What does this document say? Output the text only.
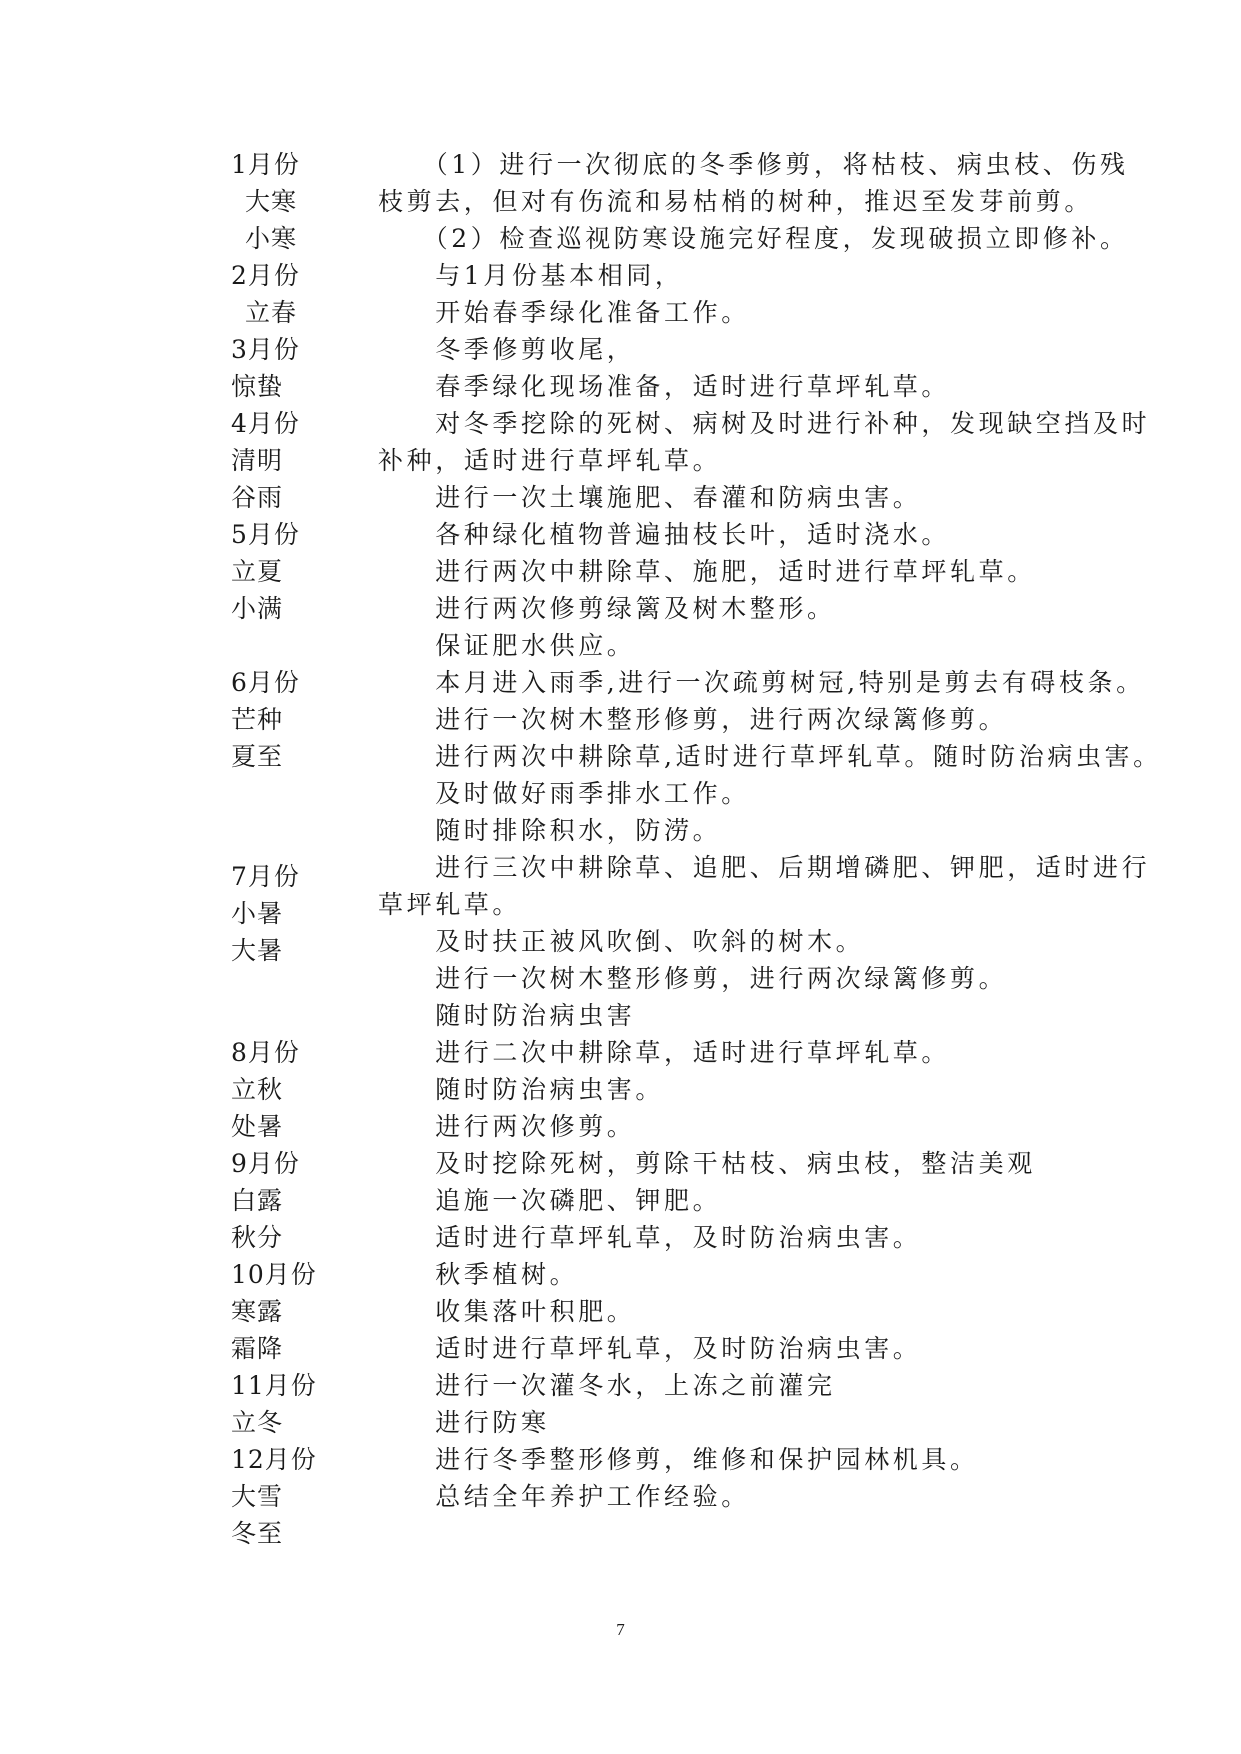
1月份
大寒
小寒
2月份
立春
3月份
惊蛰
4月份
清明
谷雨
5月份
立夏
小满
6月份
芒种
夏至
7月份
小暑
大暑
8月份
立秋
处暑
9月份
白露
秋分
10月份
寒露
霜降
11月份
立冬
12月份
大雪
冬至
　　（1）进行一次彻底的冬季修剪，将枯枝、病虫枝、伤残
枝剪去，但对有伤流和易枯梢的树种，推迟至发芽前剪。
　　（2）检查巡视防寒设施完好程度，发现破损立即修补。
　　与1月份基本相同，
　　开始春季绿化准备工作。
　　冬季修剪收尾，
　　春季绿化现场准备，适时进行草坪轧草。
　　对冬季挖除的死树、病树及时进行补种，发现缺空挡及时
补种，适时进行草坪轧草。
　　进行一次土壤施肥、春灌和防病虫害。
　　各种绿化植物普遍抽枝长叶，适时浇水。
　　进行两次中耕除草、施肥，适时进行草坪轧草。
　　进行两次修剪绿篱及树木整形。
　　保证肥水供应。
　　本月进入雨季,进行一次疏剪树冠,特别是剪去有碍枝条。
　　进行一次树木整形修剪，进行两次绿篱修剪。
　　进行两次中耕除草,适时进行草坪轧草。随时防治病虫害。
　　及时做好雨季排水工作。
　　随时排除积水，防涝。
　　进行三次中耕除草、追肥、后期增磷肥、钾肥，适时进行
草坪轧草。
　　及时扶正被风吹倒、吹斜的树木。
　　进行一次树木整形修剪，进行两次绿篱修剪。
　　随时防治病虫害
　　进行二次中耕除草，适时进行草坪轧草。
　　随时防治病虫害。
　　进行两次修剪。
　　及时挖除死树，剪除干枯枝、病虫枝，整洁美观
　　追施一次磷肥、钾肥。
　　适时进行草坪轧草，及时防治病虫害。
　　秋季植树。
　　收集落叶积肥。
　　适时进行草坪轧草，及时防治病虫害。
　　进行一次灌冬水，上冻之前灌完
　　进行防寒
　　进行冬季整形修剪，维修和保护园林机具。
　　总结全年养护工作经验。
7
